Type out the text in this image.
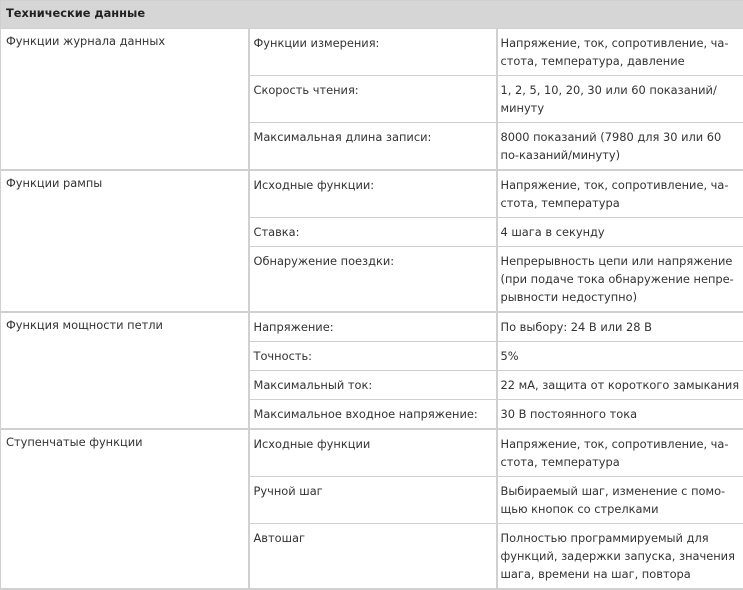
Технические данные
Функции журнала данных		Функции измерения:	Напряжение, ток, сопротивление, ча-стота, температура, давление
Скорость чтения:	1, 2, 5, 10, 20, 30 или 60 показаний/минуту
Максимальная длина записи:	8000 показаний (7980 для 30 или 60 по-казаний/минуту)

Функции рампы		Исходные функции:	Напряжение, ток, сопротивление, ча-стота, температура
Ставка:	4 шага в секунду
Обнаружение поездки:	Непрерывность цепи или напряжение (при подаче тока обнаружение непре-рывности недоступно)

Функция мощности петли		Напряжение:	По выбору: 24 В или 28 В
Точность:	5%
Максимальный ток:	22 мА, защита от короткого замыкания
Максимальное входное напряжение:	30 В постоянного тока

Ступенчатые функции		Исходные функции	Напряжение, ток, сопротивление, ча-стота, температура
Ручной шаг	Выбираемый шаг, изменение с помо-щью кнопок со стрелками
Автошаг	Полностью программируемый для функций, задержки запуска, значения шага, времени на шаг, повтора
